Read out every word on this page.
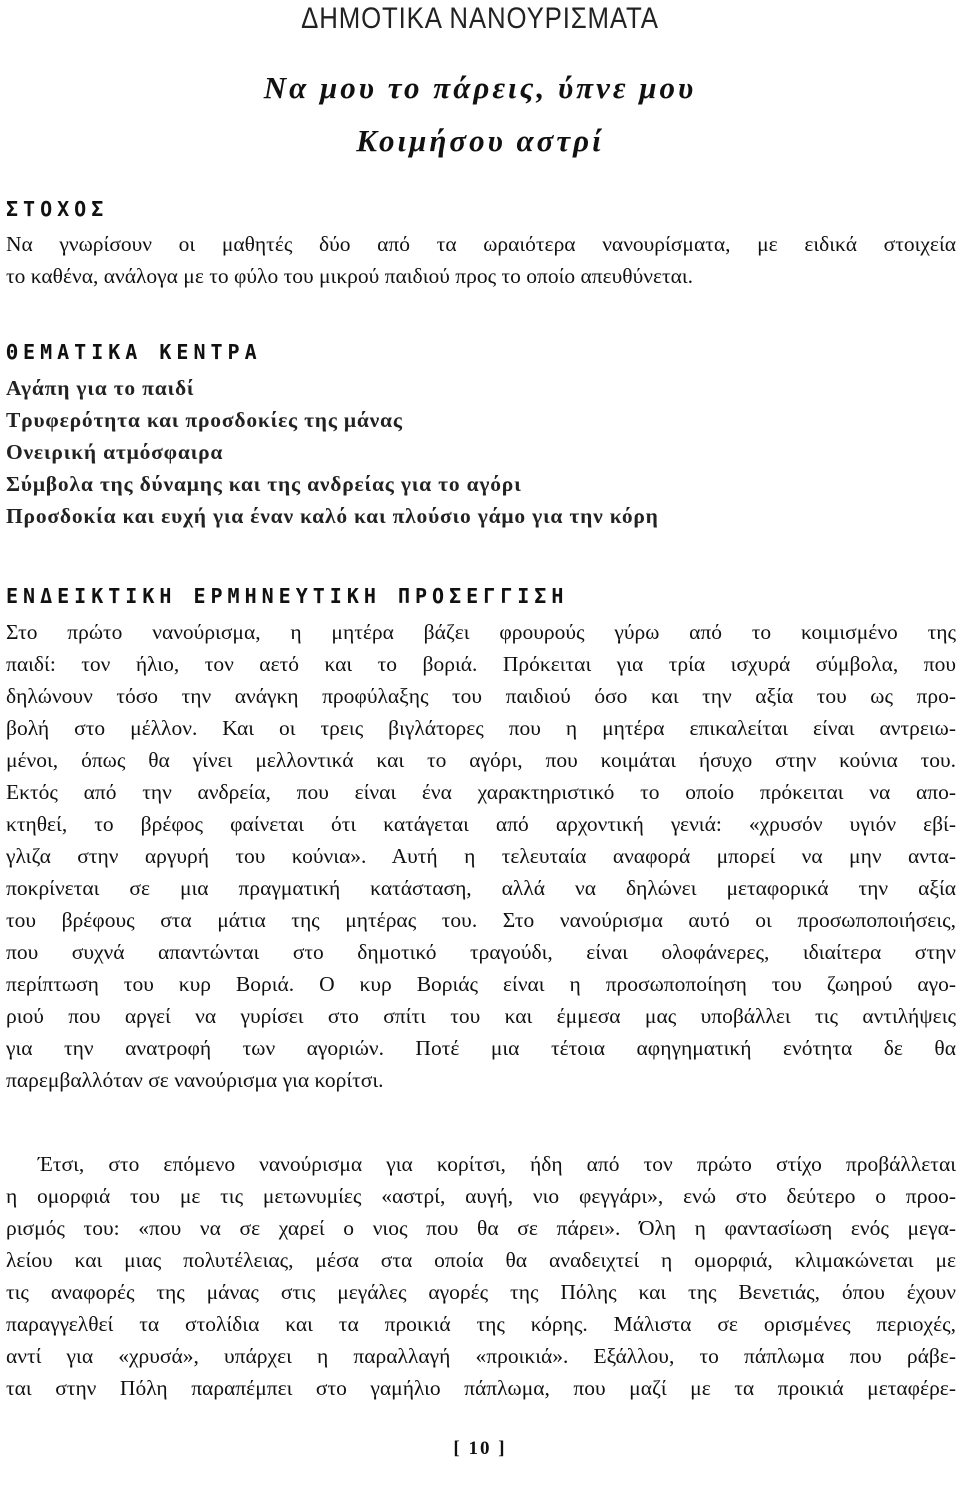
ΔΗΜΟΤΙΚΑ ΝΑΝΟΥΡΙΣΜΑΤΑ
Να μου το πάρεις, ύπνε μου
Κοιμήσου αστρί
ΣΤΟΧΟΣ
Να γνωρίσουν οι μαθητές δύο από τα ωραιότερα νανουρίσματα, με ειδικά στοιχεία
το καθένα, ανάλογα με το φύλο του μικρού παιδιού προς το οποίο απευθύνεται.
ΘΕΜΑΤΙΚΑ ΚΕΝΤΡΑ
Αγάπη για το παιδί
Τρυφερότητα και προσδοκίες της μάνας
Ονειρική ατμόσφαιρα
Σύμβολα της δύναμης και της ανδρείας για το αγόρι
Προσδοκία και ευχή για έναν καλό και πλούσιο γάμο για την κόρη
ΕΝΔΕΙΚΤΙΚΗ ΕΡΜΗΝΕΥΤΙΚΗ ΠΡΟΣΕΓΓΙΣΗ
Στο πρώτο νανούρισμα, η μητέρα βάζει φρουρούς γύρω από το κοιμισμένο της
παιδί: τον ήλιο, τον αετό και το βοριά. Πρόκειται για τρία ισχυρά σύμβολα, που
δηλώνουν τόσο την ανάγκη προφύλαξης του παιδιού όσο και την αξία του ως προ-
βολή στο μέλλον. Και οι τρεις βιγλάτορες που η μητέρα επικαλείται είναι αντρειω-
μένοι, όπως θα γίνει μελλοντικά και το αγόρι, που κοιμάται ήσυχο στην κούνια του.
Εκτός από την ανδρεία, που είναι ένα χαρακτηριστικό το οποίο πρόκειται να απο-
κτηθεί, το βρέφος φαίνεται ότι κατάγεται από αρχοντική γενιά: «χρυσόν υγιόν εβί-
γλιζα στην αργυρή του κούνια». Αυτή η τελευταία αναφορά μπορεί να μην αντα-
ποκρίνεται σε μια πραγματική κατάσταση, αλλά να δηλώνει μεταφορικά την αξία
του βρέφους στα μάτια της μητέρας του. Στο νανούρισμα αυτό οι προσωποποιήσεις,
που συχνά απαντώνται στο δημοτικό τραγούδι, είναι ολοφάνερες, ιδιαίτερα στην
περίπτωση του κυρ Βοριά. Ο κυρ Βοριάς είναι η προσωποποίηση του ζωηρού αγο-
ριού που αργεί να γυρίσει στο σπίτι του και έμμεσα μας υποβάλλει τις αντιλήψεις
για την ανατροφή των αγοριών. Ποτέ μια τέτοια αφηγηματική ενότητα δε θα
παρεμβαλλόταν σε νανούρισμα για κορίτσι.
Έτσι, στο επόμενο νανούρισμα για κορίτσι, ήδη από τον πρώτο στίχο προβάλλεται
η ομορφιά του με τις μετωνυμίες «αστρί, αυγή, νιο φεγγάρι», ενώ στο δεύτερο ο προο-
ρισμός του: «που να σε χαρεί ο νιος που θα σε πάρει». Όλη η φαντασίωση ενός μεγα-
λείου και μιας πολυτέλειας, μέσα στα οποία θα αναδειχτεί η ομορφιά, κλιμακώνεται με
τις αναφορές της μάνας στις μεγάλες αγορές της Πόλης και της Βενετιάς, όπου έχουν
παραγγελθεί τα στολίδια και τα προικιά της κόρης. Μάλιστα σε ορισμένες περιοχές,
αντί για «χρυσά», υπάρχει η παραλλαγή «προικιά». Εξάλλου, το πάπλωμα που ράβε-
ται στην Πόλη παραπέμπει στο γαμήλιο πάπλωμα, που μαζί με τα προικιά μεταφέρε-
[ 10 ]
